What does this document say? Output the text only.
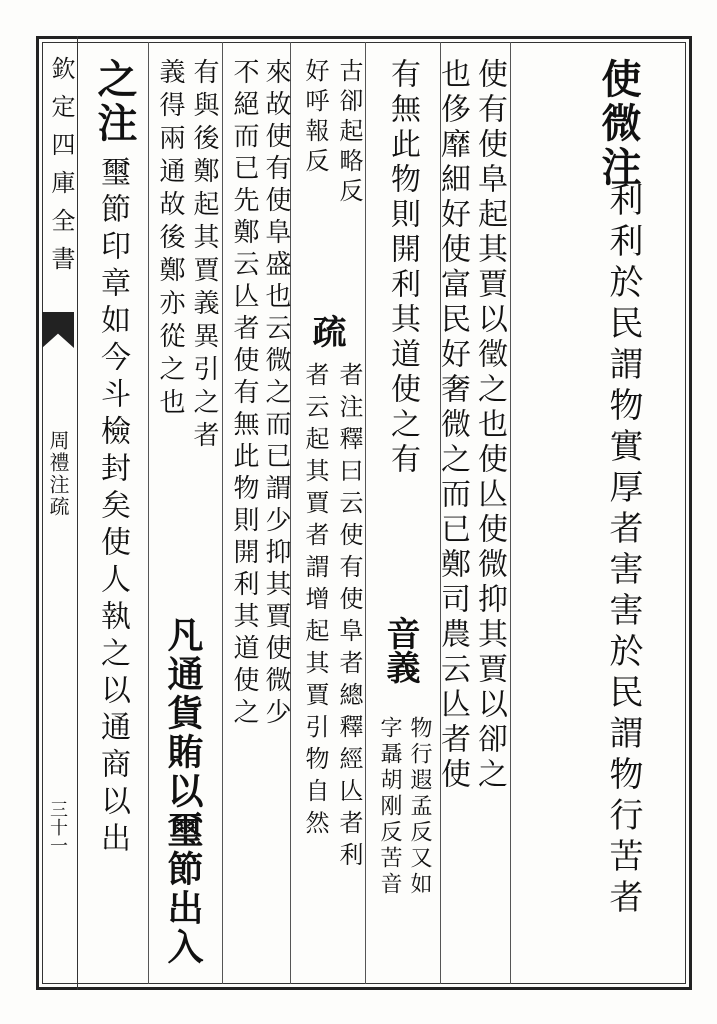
欽定四庫全書
周禮注疏
三十一
使微注
利利於民謂物實厚者害害於民謂物行苦者
使有使阜起其賈以徵之也使亾使微抑其賈以卻之
也侈靡細好使富民好奢微之而已鄭司農云亾者使
有無此物則開利其道使之有
音義
物行遐孟反又如
字聶胡刚反苦音
古卻起略反
好呼報反
疏
者注釋曰云使有使阜者總釋經亾者利
者云起其賈者謂增起其賈引物自然
來故使有使阜盛也云微之而已謂少抑其賈使微少
不絕而已先鄭云亾者使有無此物則開利其道使之
有與後鄭起其賈義異引之者
義得兩通故後鄭亦從之也
凡通貨賄以璽節出入
之注
璽節印章如今斗檢封矣使人執之以通商以出
